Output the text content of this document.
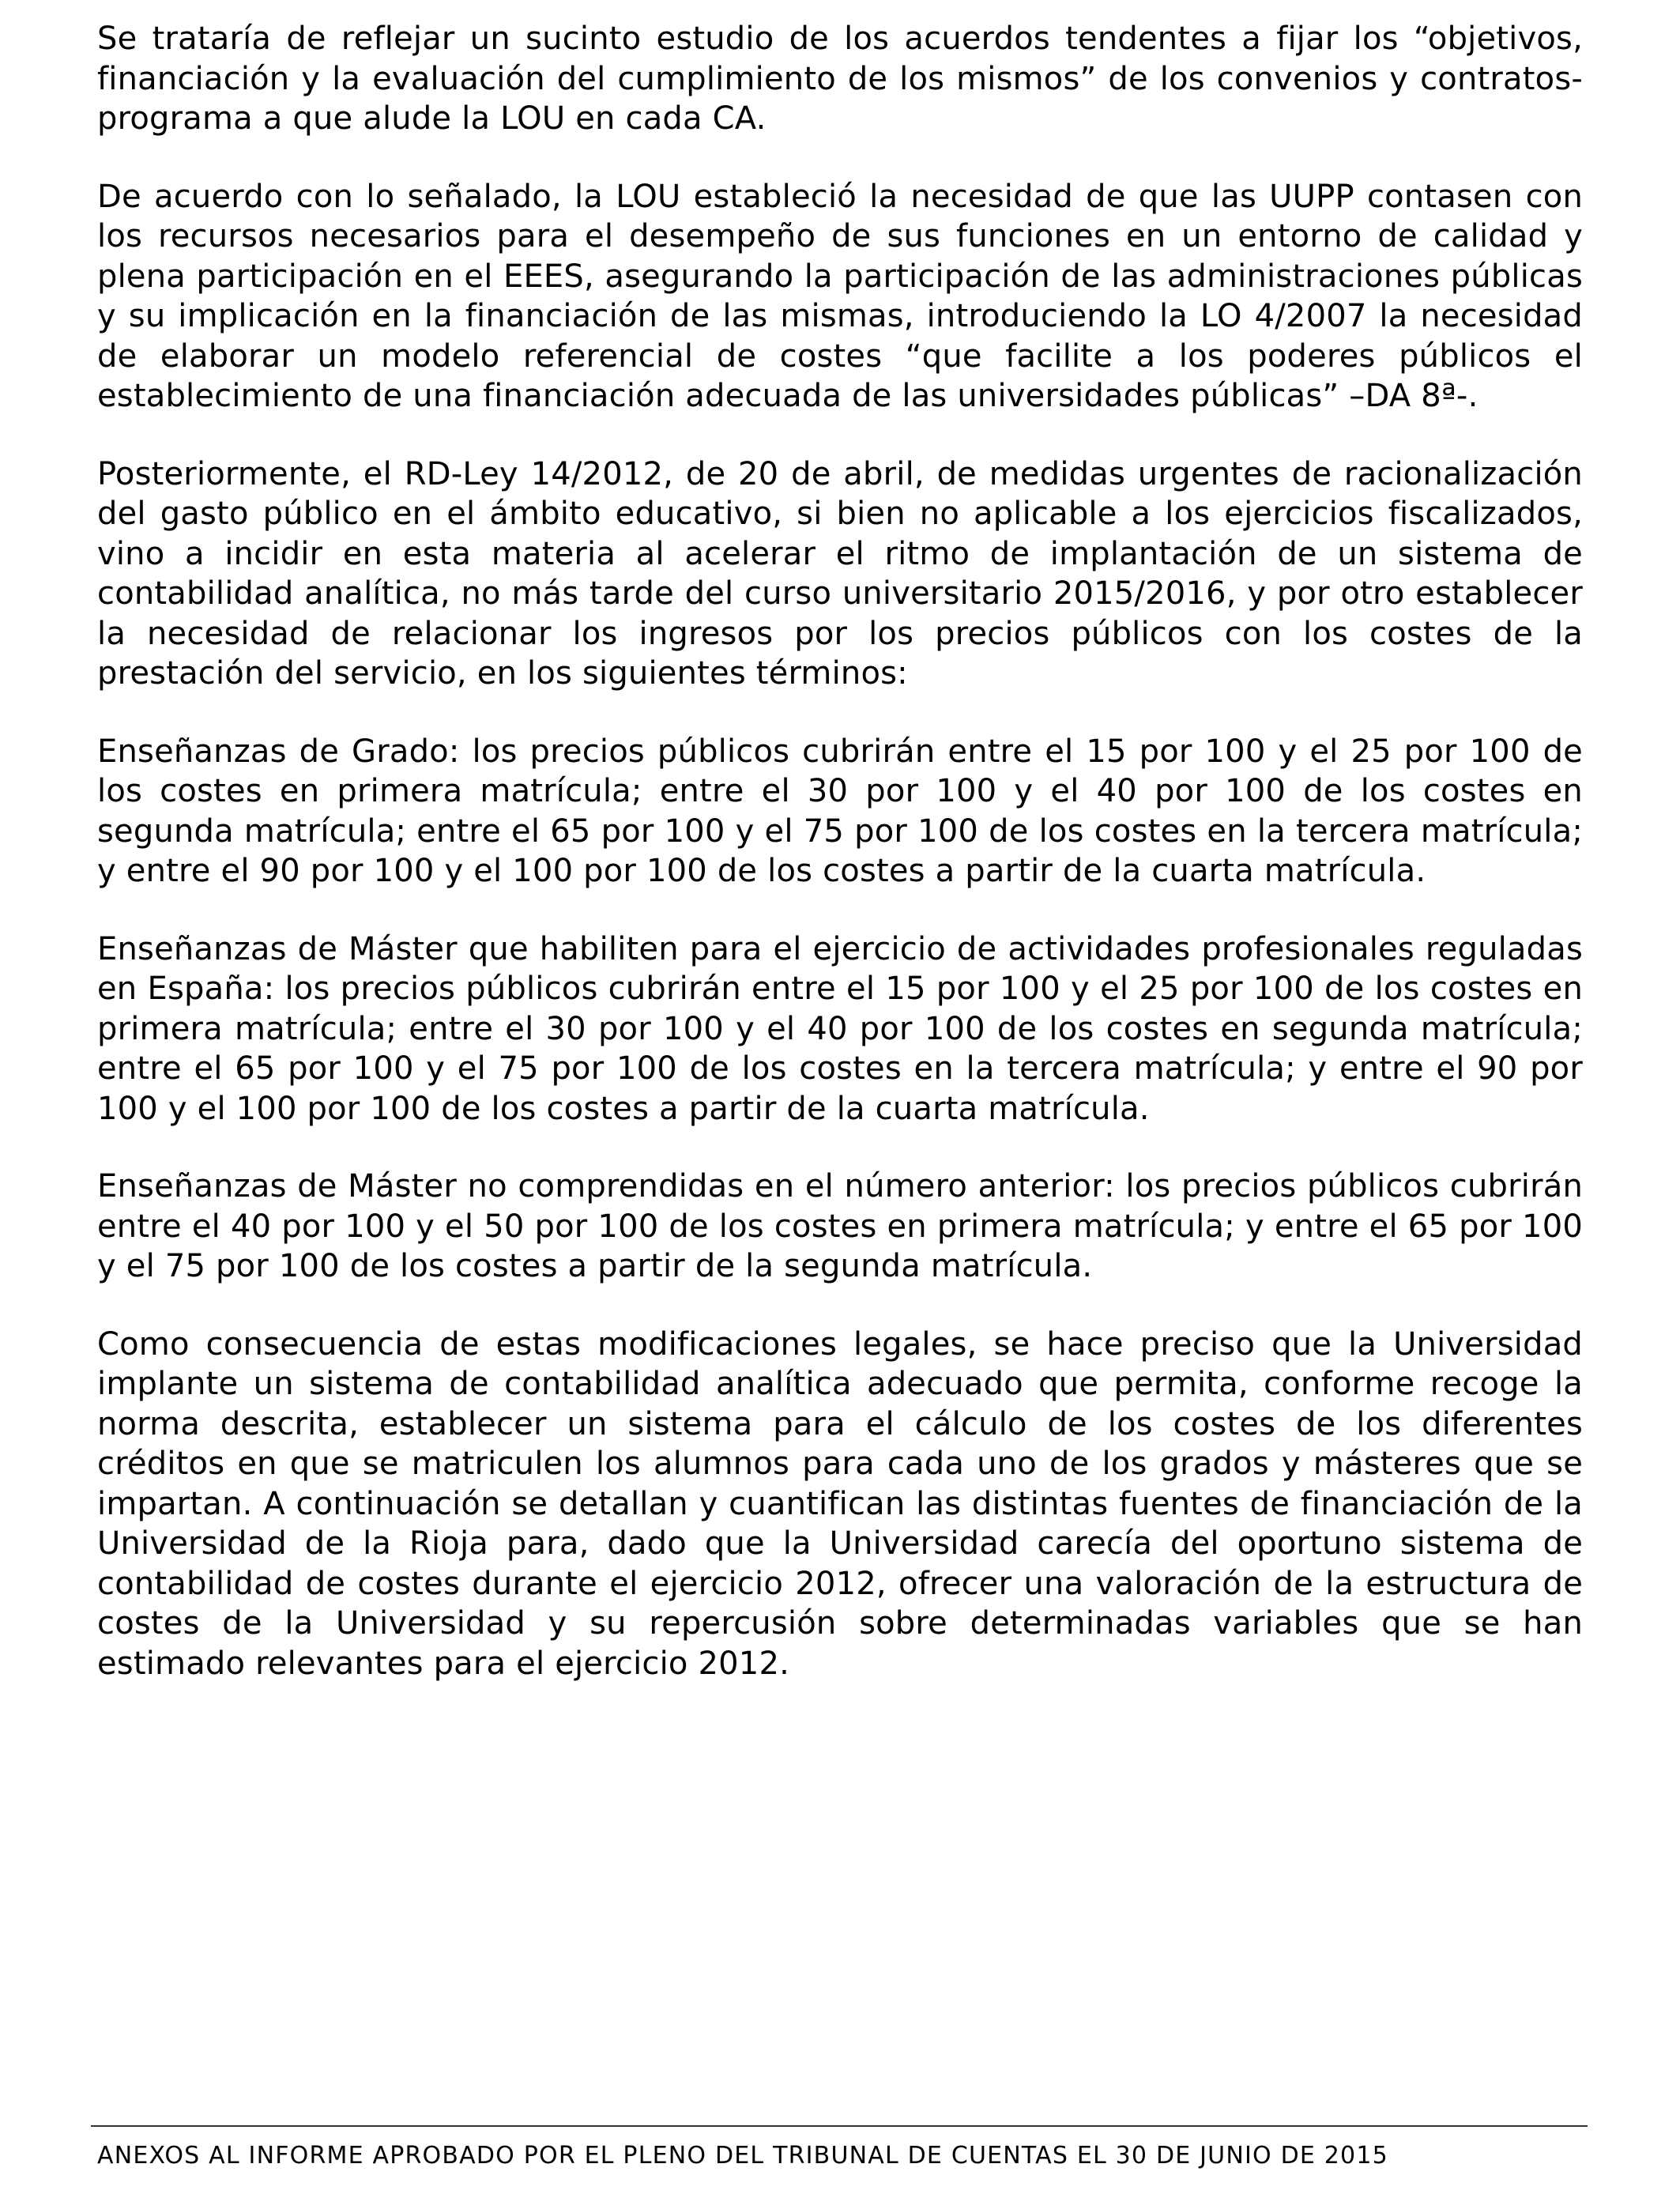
Se trataría de reflejar un sucinto estudio de los acuerdos tendentes a fijar los “objetivos, financiación y la evaluación del cumplimiento de los mismos” de los convenios y contratos-programa a que alude la LOU en cada CA.

De acuerdo con lo señalado, la LOU estableció la necesidad de que las UUPP contasen con los recursos necesarios para el desempeño de sus funciones en un entorno de calidad y plena participación en el EEES, asegurando la participación de las administraciones públicas y su implicación en la financiación de las mismas, introduciendo la LO 4/2007 la necesidad de elaborar un modelo referencial de costes “que facilite a los poderes públicos el establecimiento de una financiación adecuada de las universidades públicas” –DA 8ª-.

Posteriormente, el RD-Ley 14/2012, de 20 de abril, de medidas urgentes de racionalización del gasto público en el ámbito educativo, si bien no aplicable a los ejercicios fiscalizados, vino a incidir en esta materia al acelerar el ritmo de implantación de un sistema de contabilidad analítica, no más tarde del curso universitario 2015/2016, y por otro establecer la necesidad de relacionar los ingresos por los precios públicos con los costes de la prestación del servicio, en los siguientes términos:

Enseñanzas de Grado: los precios públicos cubrirán entre el 15 por 100 y el 25 por 100 de los costes en primera matrícula; entre el 30 por 100 y el 40 por 100 de los costes en segunda matrícula; entre el 65 por 100 y el 75 por 100 de los costes en la tercera matrícula; y entre el 90 por 100 y el 100 por 100 de los costes a partir de la cuarta matrícula.

Enseñanzas de Máster que habiliten para el ejercicio de actividades profesionales reguladas en España: los precios públicos cubrirán entre el 15 por 100 y el 25 por 100 de los costes en primera matrícula; entre el 30 por 100 y el 40 por 100 de los costes en segunda matrícula; entre el 65 por 100 y el 75 por 100 de los costes en la tercera matrícula; y entre el 90 por 100 y el 100 por 100 de los costes a partir de la cuarta matrícula.

Enseñanzas de Máster no comprendidas en el número anterior: los precios públicos cubrirán entre el 40 por 100 y el 50 por 100 de los costes en primera matrícula; y entre el 65 por 100 y el 75 por 100 de los costes a partir de la segunda matrícula.

Como consecuencia de estas modificaciones legales, se hace preciso que la Universidad implante un sistema de contabilidad analítica adecuado que permita, conforme recoge la norma descrita, establecer un sistema para el cálculo de los costes de los diferentes créditos en que se matriculen los alumnos para cada uno de los grados y másteres que se impartan. A continuación se detallan y cuantifican las distintas fuentes de financiación de la Universidad de la Rioja para, dado que la Universidad carecía del oportuno sistema de contabilidad de costes durante el ejercicio 2012, ofrecer una valoración de la estructura de costes de la Universidad y su repercusión sobre determinadas variables que se han estimado relevantes para el ejercicio 2012.

ANEXOS AL INFORME APROBADO POR EL PLENO DEL TRIBUNAL DE CUENTAS EL 30 DE JUNIO DE 2015
